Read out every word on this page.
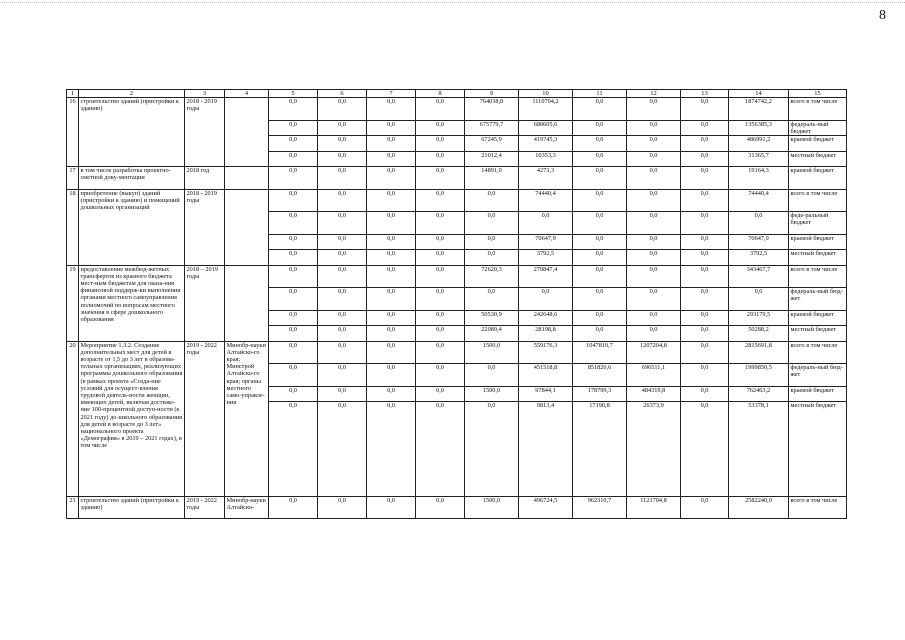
8
1	2	3	4	5	6	7	8	9	10	11	12	13	14	15
16	строительство зданий (пристройки к зданию)	2018 - 2019 годы		0,0	0,0	0,0	0,0	764038,0	1110704,2	0,0	0,0	0,0	1874742,2	всего в том числе
				0,0	0,0	0,0	0,0	675779,7	680605,6	0,0	0,0	0,0	1356385,3	федераль-ный бюджет
				0,0	0,0	0,0	0,0	67245,9	419745,3	0,0	0,0	0,0	486991,2	краевой бюджет
				0,0	0,0	0,0	0,0	21012,4	10353,3	0,0	0,0	0,0	31365,7	местный бюджет
17	в том числе разработка проектно-сметной доку-ментации	2018 год		0,0	0,0	0,0	0,0	14891,0	4273,3	0,0	0,0	0,0	19164,3	краевой бюджет
18	приобретение (выкуп) зданий (пристройки к зданию) и помещений дошкольных организаций	2018 - 2019 годы		0,0	0,0	0,0	0,0	0,0	74440,4	0,0	0,0	0,0	74440,4	всего в том числе
				0,0	0,0	0,0	0,0	0,0	0,0	0,0	0,0	0,0	0,0	феде-ральный бюджет
				0,0	0,0	0,0	0,0	0,0	70647,9	0,0	0,0	0,0	70647,9	краевой бюджет
				0,0	0,0	0,0	0,0	0,0	3792,5	0,0	0,0	0,0	3792,5	местный бюджет
19	предоставление межбюд-жетных трансфертов из краевого бюджета мест-ным бюджетам для оказа-ния финансовой поддерж-ки выполнения органами местного самоуправления полномочий по вопросам местного значения в сфере дошкольного образования	2018 – 2019 годы		0,0	0,0	0,0	0,0	72620,3	270847,4	0,0	0,0	0,0	343467,7	всего в том числе
				0,0	0,0	0,0	0,0	0,0	0,0	0,0	0,0	0,0	0,0	федераль-ный бюд-жет
				0,0	0,0	0,0	0,0	50530,9	242648,6	0,0	0,0	0,0	293179,5	краевой бюджет
				0,0	0,0	0,0	0,0	22089,4	28198,8	0,0	0,0	0,0	50288,2	местный бюджет
20	Мероприятие 1.3.2. Создание дополнительных мест для детей в возрасте от 1,5 до 3 лет в образова-тельных организациях, реализующих программы дошкольного образования (в рамках проекта «Созда-ние условий для осущест-вления трудовой деятель-ности женщин, имеющих детей, включая достиже-ние 100-процентной доступ-ности (к 2021 году) до-школьного образования для детей в возрасте до 3 лет» национального проекта «Демография» в 2019 – 2021 годах), в том числе	2019 - 2022 годы	Минобр-науки Алтайско-го края; Минстрой Алтайско-го края; органы местного само-управле-ния	0,0	0,0	0,0	0,0	1500,0	559176,3	1047810,7	1207204,8	0,0	2815691,8	всего в том числе
				0,0	0,0	0,0	0,0	0,0	451518,8	851820,6	696511,1	0,0	1999850,5	федераль-ный бюд-жет
				0,0	0,0	0,0	0,0	1500,0	97844,1	178799,3	484319,8	0,0	762463,2	краевой бюджет
				0,0	0,0	0,0	0,0	0,0	9813,4	17190,8	26373,9	0,0	53378,1	местный бюджет
21	строительство зданий (пристройки к зданию)	2019 - 2022 годы	Минобр-науки Алтайско-	0,0	0,0	0,0	0,0	1500,0	496724,5	962310,7	1121704,8	0,0	2582240,0	всего в том числе
